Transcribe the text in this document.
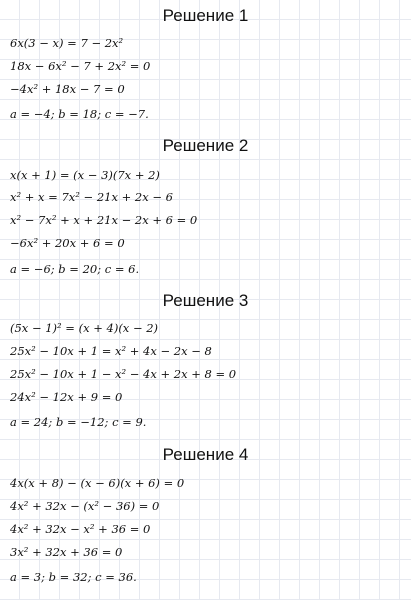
Решение 1
6x(3 − x) = 7 − 2x²
18x − 6x² − 7 + 2x² = 0
−4x² + 18x − 7 = 0
a = −4; b = 18; c = −7.
Решение 2
x(x + 1) = (x − 3)(7x + 2)
x² + x = 7x² − 21x + 2x − 6
x² − 7x² + x + 21x − 2x + 6 = 0
−6x² + 20x + 6 = 0
a = −6; b = 20; c = 6.
Решение 3
(5x − 1)² = (x + 4)(x − 2)
25x² − 10x + 1 = x² + 4x − 2x − 8
25x² − 10x + 1 − x² − 4x + 2x + 8 = 0
24x² − 12x + 9 = 0
a = 24; b = −12; c = 9.
Решение 4
4x(x + 8) − (x − 6)(x + 6) = 0
4x² + 32x − (x² − 36) = 0
4x² + 32x − x² + 36 = 0
3x² + 32x + 36 = 0
a = 3; b = 32; c = 36.
